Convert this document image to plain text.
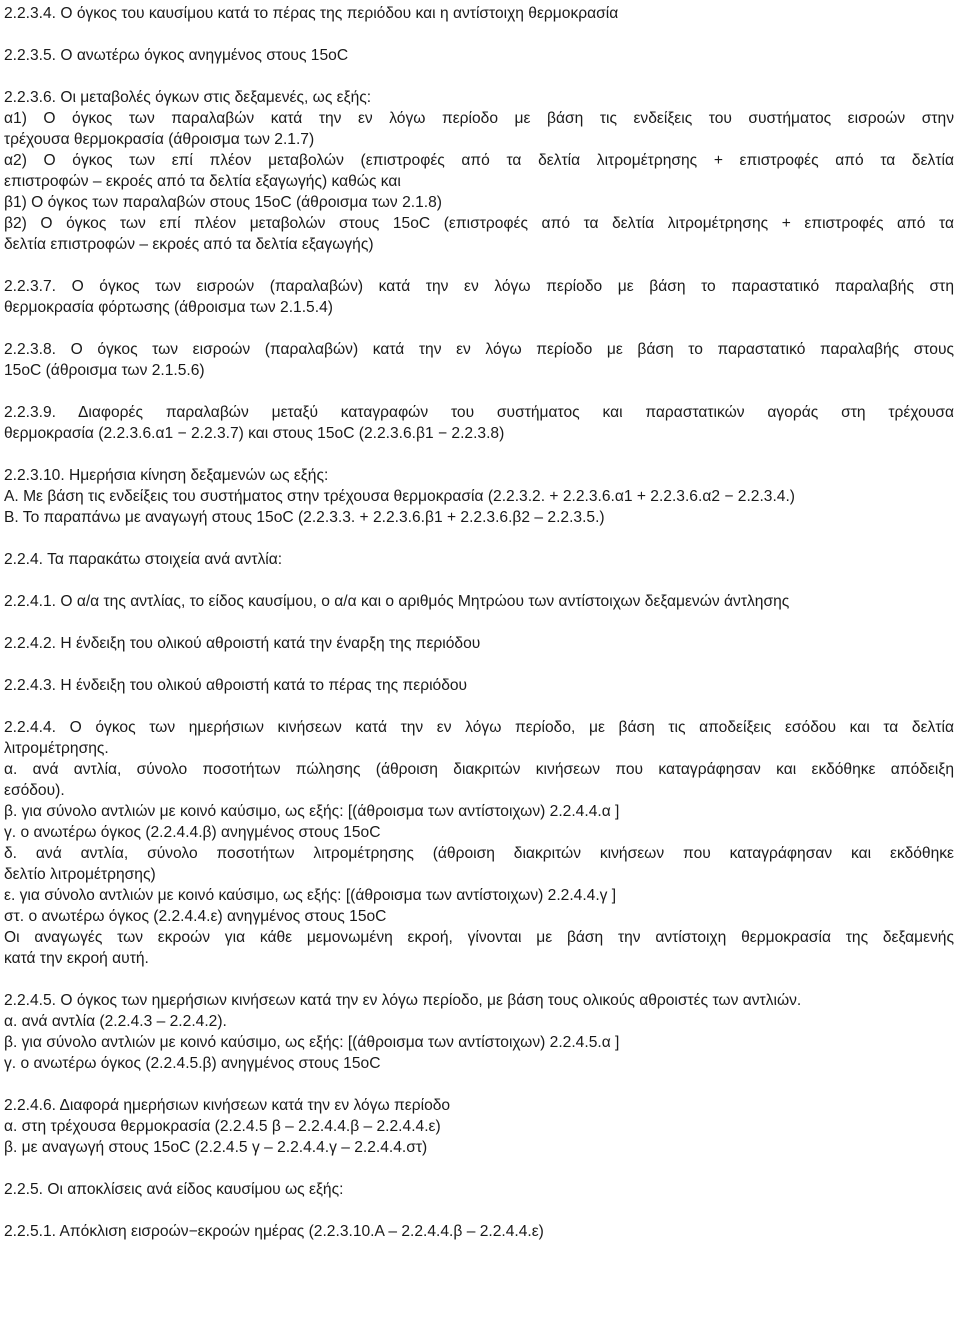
2.2.3.4. Ο όγκος του καυσίμου κατά το πέρας της περιόδου και η αντίστοιχη θερμοκρασία
2.2.3.5. Ο ανωτέρω όγκος ανηγμένος στους 15oC
2.2.3.6. Οι μεταβολές όγκων στις δεξαμενές, ως εξής:
α1) Ο όγκος των παραλαβών κατά την εν λόγω περίοδο με βάση τις ενδείξεις του συστήματος εισροών στην
τρέχουσα θερμοκρασία (άθροισμα των 2.1.7)
α2) Ο όγκος των επί πλέον μεταβολών (επιστροφές από τα δελτία λιτρομέτρησης + επιστροφές από τα δελτία
επιστροφών – εκροές από τα δελτία εξαγωγής) καθώς και
β1) Ο όγκος των παραλαβών στους 15oC (άθροισμα των 2.1.8)
β2) Ο όγκος των επί πλέον μεταβολών στους 15oC (επιστροφές από τα δελτία λιτρομέτρησης + επιστροφές από τα
δελτία επιστροφών – εκροές από τα δελτία εξαγωγής)
2.2.3.7. Ο όγκος των εισροών (παραλαβών) κατά την εν λόγω περίοδο με βάση το παραστατικό παραλαβής στη
θερμοκρασία φόρτωσης (άθροισμα των 2.1.5.4)
2.2.3.8. Ο όγκος των εισροών (παραλαβών) κατά την εν λόγω περίοδο με βάση το παραστατικό παραλαβής στους
15oC (άθροισμα των 2.1.5.6)
2.2.3.9. Διαφορές παραλαβών μεταξύ καταγραφών του συστήματος και παραστατικών αγοράς στη τρέχουσα
θερμοκρασία (2.2.3.6.α1 − 2.2.3.7) και στους 15oC (2.2.3.6.β1 − 2.2.3.8)
2.2.3.10. Ημερήσια κίνηση δεξαμενών ως εξής:
Α. Με βάση τις ενδείξεις του συστήματος στην τρέχουσα θερμοκρασία (2.2.3.2. + 2.2.3.6.α1 + 2.2.3.6.α2 − 2.2.3.4.)
Β. Το παραπάνω με αναγωγή στους 15oC (2.2.3.3. + 2.2.3.6.β1 + 2.2.3.6.β2 – 2.2.3.5.)
2.2.4. Τα παρακάτω στοιχεία ανά αντλία:
2.2.4.1. Ο α/α της αντλίας, το είδος καυσίμου, ο α/α και ο αριθμός Μητρώου των αντίστοιχων δεξαμενών άντλησης
2.2.4.2. Η ένδειξη του ολικού αθροιστή κατά την έναρξη της περιόδου
2.2.4.3. Η ένδειξη του ολικού αθροιστή κατά το πέρας της περιόδου
2.2.4.4. Ο όγκος των ημερήσιων κινήσεων κατά την εν λόγω περίοδο, με βάση τις αποδείξεις εσόδου και τα δελτία
λιτρομέτρησης.
α. ανά αντλία, σύνολο ποσοτήτων πώλησης (άθροιση διακριτών κινήσεων που καταγράφησαν και εκδόθηκε απόδειξη
εσόδου).
β. για σύνολο αντλιών με κοινό καύσιμο, ως εξής: [(άθροισμα των αντίστοιχων) 2.2.4.4.α ]
γ. ο ανωτέρω όγκος (2.2.4.4.β) ανηγμένος στους 15oC
δ. ανά αντλία, σύνολο ποσοτήτων λιτρομέτρησης (άθροιση διακριτών κινήσεων που καταγράφησαν και εκδόθηκε
δελτίο λιτρομέτρησης)
ε. για σύνολο αντλιών με κοινό καύσιμο, ως εξής: [(άθροισμα των αντίστοιχων) 2.2.4.4.γ ]
στ. ο ανωτέρω όγκος (2.2.4.4.ε) ανηγμένος στους 15oC
Οι αναγωγές των εκροών για κάθε μεμονωμένη εκροή, γίνονται με βάση την αντίστοιχη θερμοκρασία της δεξαμενής
κατά την εκροή αυτή.
2.2.4.5. Ο όγκος των ημερήσιων κινήσεων κατά την εν λόγω περίοδο, με βάση τους ολικούς αθροιστές των αντλιών.
α. ανά αντλία (2.2.4.3 – 2.2.4.2).
β. για σύνολο αντλιών με κοινό καύσιμο, ως εξής: [(άθροισμα των αντίστοιχων) 2.2.4.5.α ]
γ. ο ανωτέρω όγκος (2.2.4.5.β) ανηγμένος στους 15oC
2.2.4.6. Διαφορά ημερήσιων κινήσεων κατά την εν λόγω περίοδο
α. στη τρέχουσα θερμοκρασία (2.2.4.5 β – 2.2.4.4.β – 2.2.4.4.ε)
β. με αναγωγή στους 15oC (2.2.4.5 γ – 2.2.4.4.γ – 2.2.4.4.στ)
2.2.5. Οι αποκλίσεις ανά είδος καυσίμου ως εξής:
2.2.5.1. Απόκλιση εισροών−εκροών ημέρας (2.2.3.10.Α – 2.2.4.4.β – 2.2.4.4.ε)
